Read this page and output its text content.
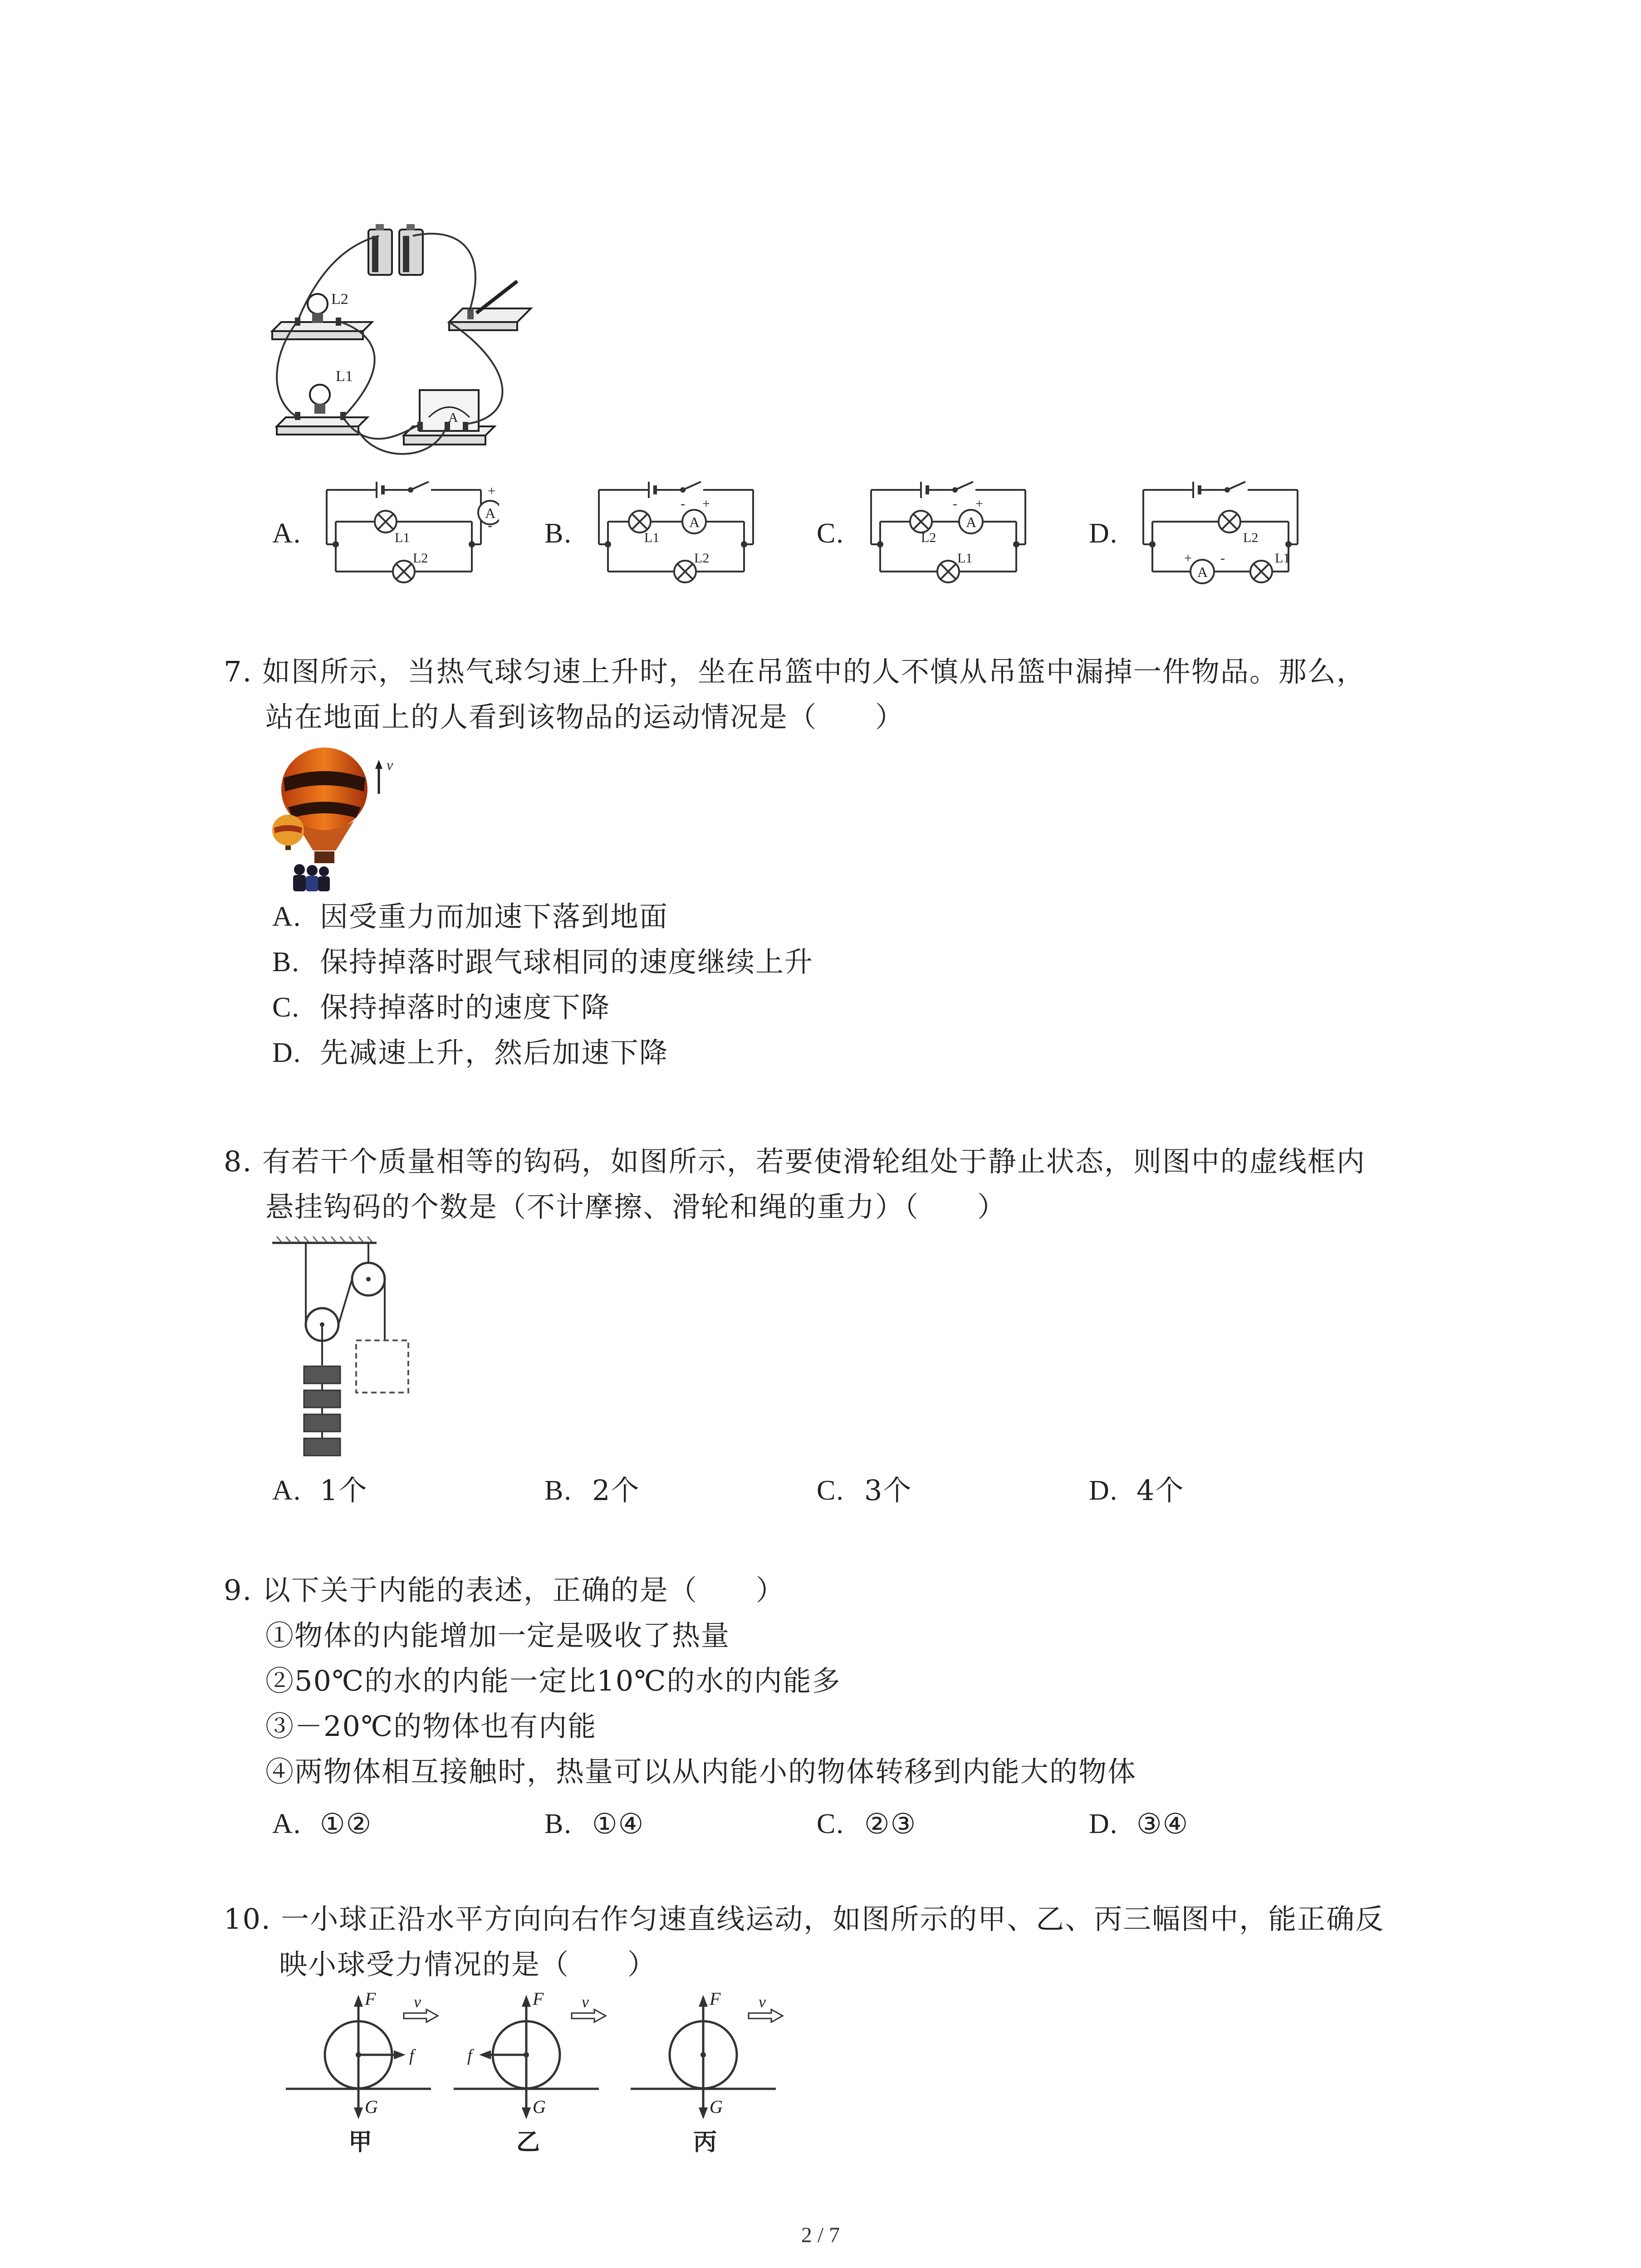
L2
L1
A
A.
A
L1
L2
+
- B.	A
L1
L2
+
-
C.	A
L2
L1
+
-
D.
A
L2
L1
+ -
7. 如图所示，当热气球匀速上升时，坐在吊篮中的人不慎从吊篮中漏掉一件物品。那么，
站在地面上的人看到该物品的运动情况是（　　）
v
A. 因受重力而加速下落到地面
B. 保持掉落时跟气球相同的速度继续上升
C. 保持掉落时的速度下降
D. 先减速上升，然后加速下降
8. 有若干个质量相等的钩码，如图所示，若要使滑轮组处于静止状态，则图中的虚线框内
悬挂钩码的个数是（不计摩擦、滑轮和绳的重力）（　　）
A. 1个	B. 2个	C. 3个	D. 4个
9. 以下关于内能的表述，正确的是（　　）
①物体的内能增加一定是吸收了热量
②50℃的水的内能一定比10℃的水的内能多
③－20℃的物体也有内能
④两物体相互接触时，热量可以从内能小的物体转移到内能大的物体
A. ①②	B. ①④	C. ②③	D. ③④
10. 一小球正沿水平方向向右作匀速直线运动，如图所示的甲、乙、丙三幅图中，能正确反
映小球受力情况的是（　　）
F
G
v
f
甲
F
G
v
f
乙
F
G
v
丙
2 / 7
